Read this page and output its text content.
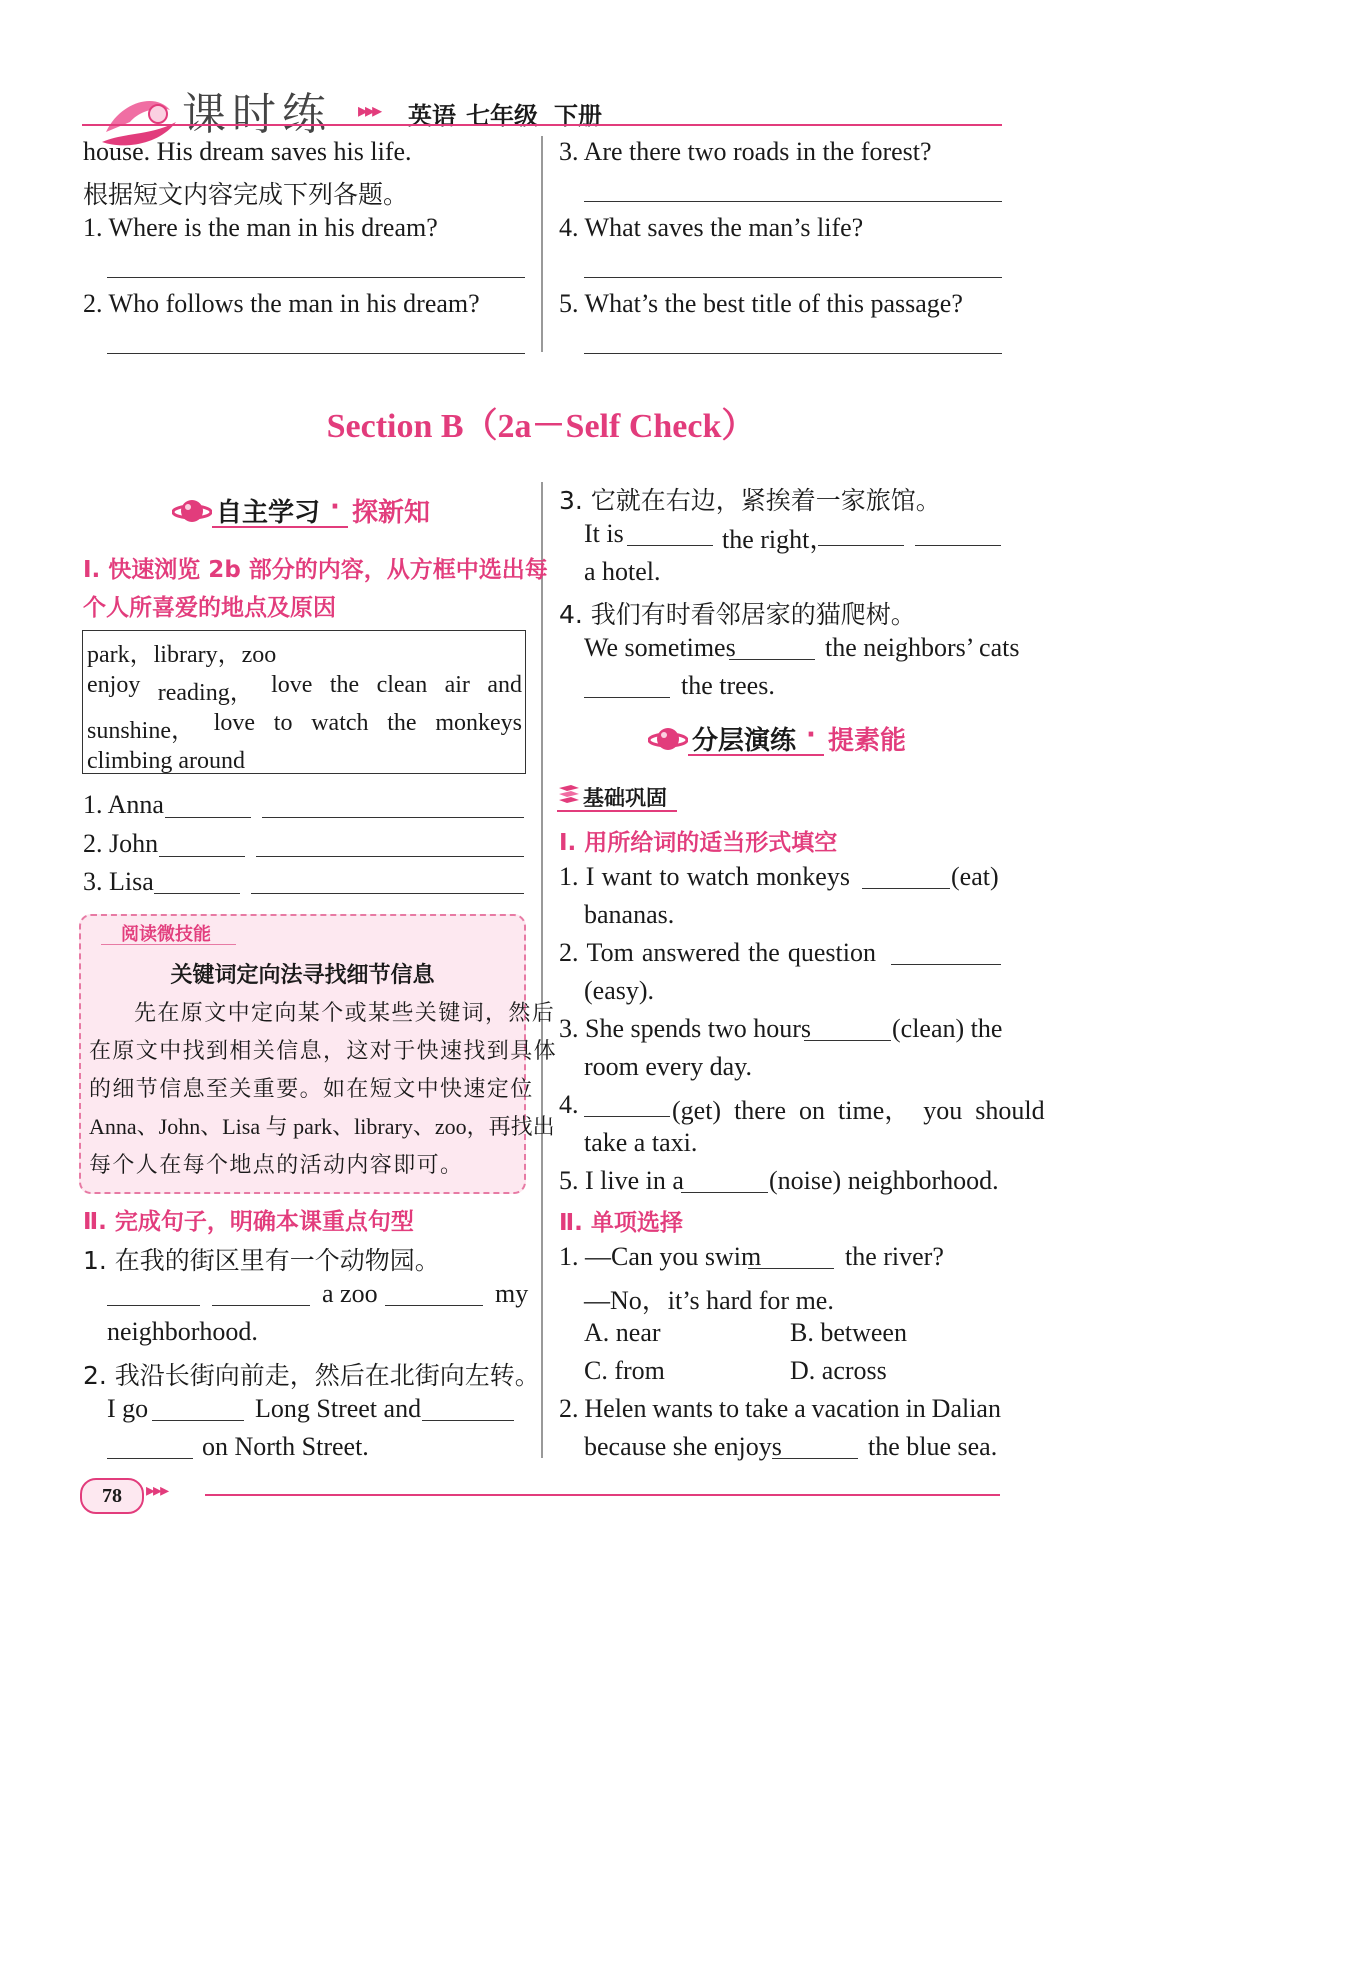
课时练 ▸▸▸ 英语 七年级 下册
house. His dream saves his life.
根据短文内容完成下列各题。
1. Where is the man in his dream?
2. Who follows the man in his dream?
3. Are there two roads in the forest?
4. What saves the man’s life?
5. What’s the best title of this passage?
Section B（2a－Self Check）
自主学习 · 探新知
Ⅰ. 快速浏览 2b 部分的内容，从方框中选出每
个人所喜爱的地点及原因
park，library，zoo
enjoy reading， love the clean air and
sunshine， love to watch the monkeys
climbing around
1. Anna
2. John
3. Lisa
阅读微技能
关键词定向法寻找细节信息
先在原文中定向某个或某些关键词，然后
在原文中找到相关信息，这对于快速找到具体
的细节信息至关重要。如在短文中快速定位
Anna、John、Lisa 与 park、library、zoo，再找出
每个人在每个地点的活动内容即可。
Ⅱ. 完成句子，明确本课重点句型
1. 在我的街区里有一个动物园。
a zoo	my
neighborhood.
2. 我沿长街向前走，然后在北街向左转。
I go	Long Street and
on North Street.
3. 它就在右边，紧挨着一家旅馆。
It is	the right，
a hotel.
4. 我们有时看邻居家的猫爬树。
We sometimes	the neighbors’ cats
the trees.
分层演练 · 提素能
基础巩固
Ⅰ. 用所给词的适当形式填空
1. I want to watch monkeys	(eat)
bananas.
2. Tom answered the question
(easy).
3. She spends two hours	(clean) the
room every day.
4.	(get)  there  on  time，  you  should
take a taxi.
5. I live in a	(noise) neighborhood.
Ⅱ. 单项选择
1. —Can you swim	the river?
—No，it’s hard for me.
A. near	B. between
C. from	D. across
2. Helen wants to take a vacation in Dalian
because she enjoys	the blue sea.
78	▸▸▸
